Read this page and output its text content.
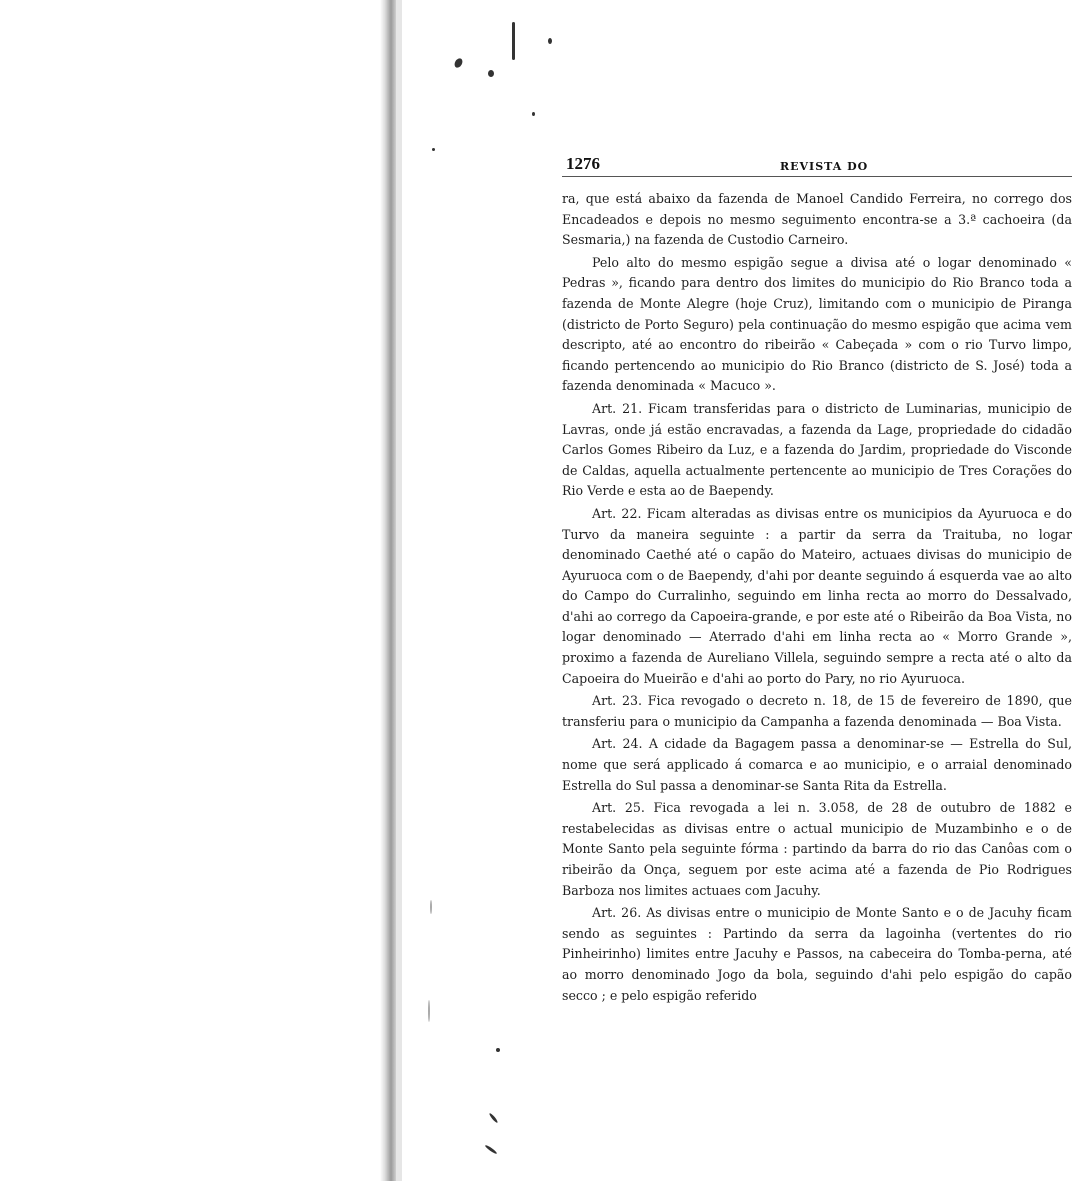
1276	REVISTA DO

ra, que está abaixo da fazenda de Manoel Candido Ferreira, no corrego dos Encadeados e depois no mesmo seguimento encontra-se a 3.ª cachoeira (da Sesmaria,) na fazenda de Custodio Carneiro.

Pelo alto do mesmo espigão segue a divisa até o logar denominado « Pedras », ficando para dentro dos limites do municipio do Rio Branco toda a fazenda de Monte Alegre (hoje Cruz), limitando com o municipio de Piranga (districto de Porto Seguro) pela continuação do mesmo espigão que acima vem descripto, até ao encontro do ribeirão « Cabeçada » com o rio Turvo limpo, ficando pertencendo ao municipio do Rio Branco (districto de S. José) toda a fazenda denominada « Macuco ».

Art. 21. Ficam transferidas para o districto de Luminarias, municipio de Lavras, onde já estão encravadas, a fazenda da Lage, propriedade do cidadão Carlos Gomes Ribeiro da Luz, e a fazenda do Jardim, propriedade do Visconde de Caldas, aquella actualmente pertencente ao municipio de Tres Corações do Rio Verde e esta ao de Baependy.

Art. 22. Ficam alteradas as divisas entre os municipios da Ayuruoca e do Turvo da maneira seguinte : a partir da serra da Traituba, no logar denominado Caethé até o capão do Mateiro, actuaes divisas do municipio de Ayuruoca com o de Baependy, d'ahi por deante seguindo á esquerda vae ao alto do Campo do Curralinho, seguindo em linha recta ao morro do Dessalvado, d'ahi ao corrego da Capoeira-grande, e por este até o Ribeirão da Boa Vista, no logar denominado — Aterrado d'ahi em linha recta ao « Morro Grande », proximo a fazenda de Aureliano Villela, seguindo sempre a recta até o alto da Capoeira do Mueirão e d'ahi ao porto do Pary, no rio Ayuruoca.

Art. 23. Fica revogado o decreto n. 18, de 15 de fevereiro de 1890, que transferiu para o municipio da Campanha a fazenda denominada — Boa Vista.

Art. 24. A cidade da Bagagem passa a denominar-se — Estrella do Sul, nome que será applicado á comarca e ao municipio, e o arraial denominado Estrella do Sul passa a denominar-se Santa Rita da Estrella.

Art. 25. Fica revogada a lei n. 3.058, de 28 de outubro de 1882 e restabelecidas as divisas entre o actual municipio de Muzambinho e o de Monte Santo pela seguinte fórma : partindo da barra do rio das Canôas com o ribeirão da Onça, seguem por este acima até a fazenda de Pio Rodrigues Barboza nos limites actuaes com Jacuhy.

Art. 26. As divisas entre o municipio de Monte Santo e o de Jacuhy ficam sendo as seguintes : Partindo da serra da lagoinha (vertentes do rio Pinheirinho) limites entre Jacuhy e Passos, na cabeceira do Tomba-perna, até ao morro denominado Jogo da bola, seguindo d'ahi pelo espigão do capão secco ; e pelo espigão referido
